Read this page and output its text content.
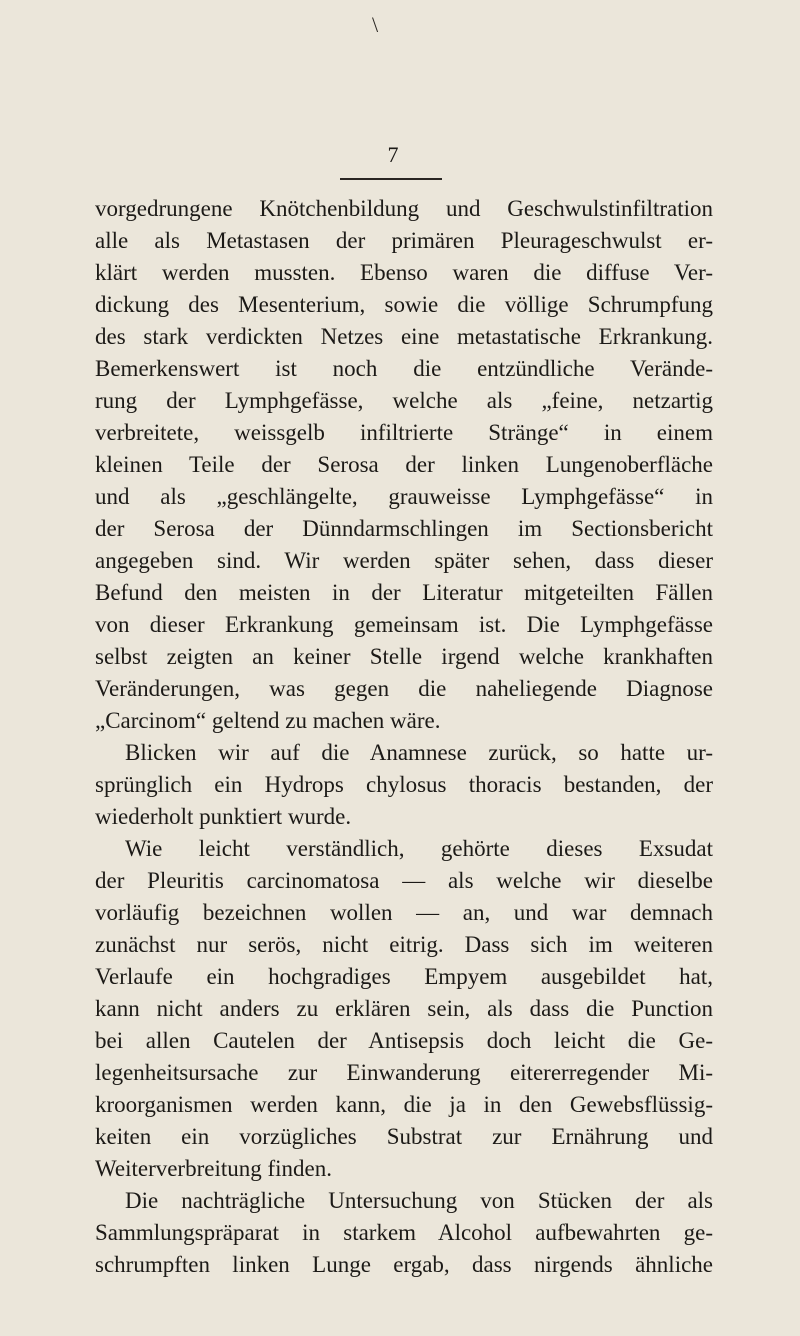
\
7
vorgedrungene Knötchenbildung und Geschwulstinfiltration
alle als Metastasen der primären Pleurageschwulst er-
klärt werden mussten. Ebenso waren die diffuse Ver-
dickung des Mesenterium, sowie die völlige Schrumpfung
des stark verdickten Netzes eine metastatische Erkrankung.
Bemerkenswert ist noch die entzündliche Verände-
rung der Lymphgefässe, welche als „feine, netzartig
verbreitete, weissgelb infiltrierte Stränge“ in einem
kleinen Teile der Serosa der linken Lungenoberfläche
und als „geschlängelte, grauweisse Lymphgefässe“ in
der Serosa der Dünndarmschlingen im Sectionsbericht
angegeben sind. Wir werden später sehen, dass dieser
Befund den meisten in der Literatur mitgeteilten Fällen
von dieser Erkrankung gemeinsam ist. Die Lymphgefässe
selbst zeigten an keiner Stelle irgend welche krankhaften
Veränderungen, was gegen die naheliegende Diagnose
„Carcinom“ geltend zu machen wäre.
Blicken wir auf die Anamnese zurück, so hatte ur-
sprünglich ein Hydrops chylosus thoracis bestanden, der
wiederholt punktiert wurde.
Wie leicht verständlich, gehörte dieses Exsudat
der Pleuritis carcinomatosa — als welche wir dieselbe
vorläufig bezeichnen wollen — an, und war demnach
zunächst nur serös, nicht eitrig. Dass sich im weiteren
Verlaufe ein hochgradiges Empyem ausgebildet hat,
kann nicht anders zu erklären sein, als dass die Punction
bei allen Cautelen der Antisepsis doch leicht die Ge-
legenheitsursache zur Einwanderung eitererregender Mi-
kroorganismen werden kann, die ja in den Gewebsflüssig-
keiten ein vorzügliches Substrat zur Ernährung und
Weiterverbreitung finden.
Die nachträgliche Untersuchung von Stücken der als
Sammlungspräparat in starkem Alcohol aufbewahrten ge-
schrumpften linken Lunge ergab, dass nirgends ähnliche
